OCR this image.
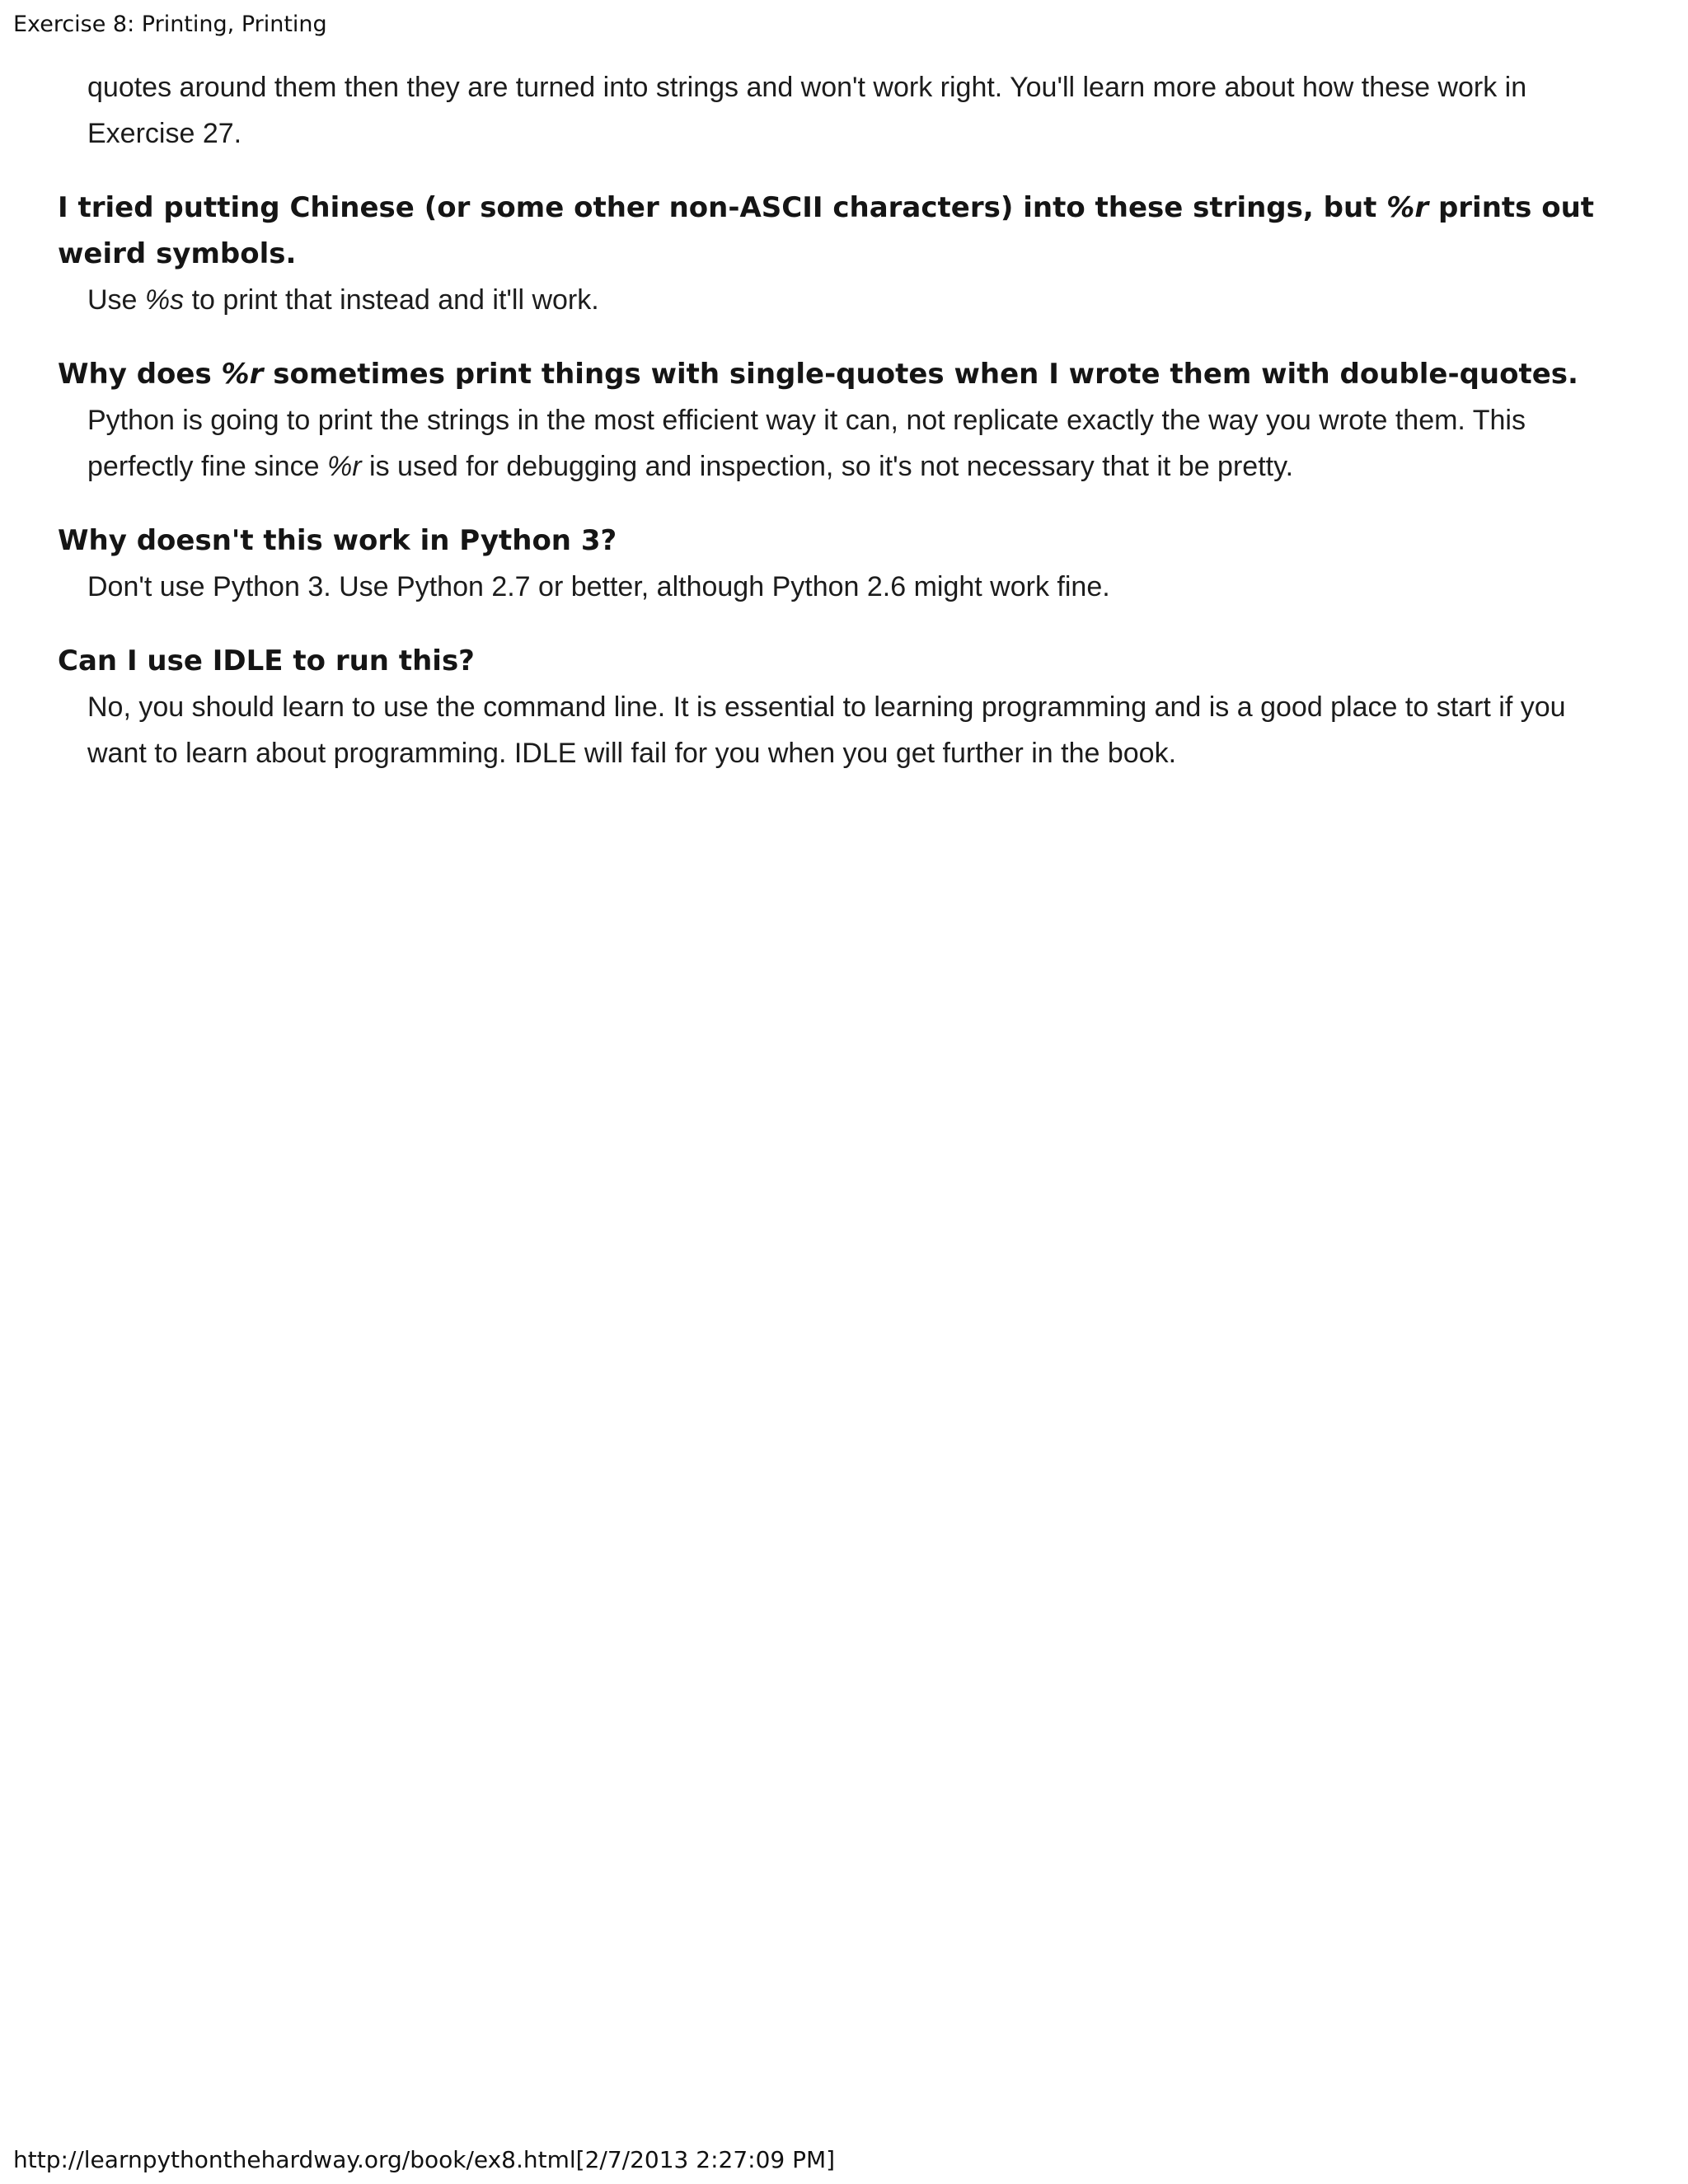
Exercise 8: Printing, Printing

quotes around them then they are turned into strings and won't work right. You'll learn more about how these work in Exercise 27.

I tried putting Chinese (or some other non-ASCII characters) into these strings, but %r prints out weird symbols.

Use %s to print that instead and it'll work.

Why does %r sometimes print things with single-quotes when I wrote them with double-quotes.

Python is going to print the strings in the most efficient way it can, not replicate exactly the way you wrote them. This perfectly fine since %r is used for debugging and inspection, so it's not necessary that it be pretty.

Why doesn't this work in Python 3?

Don't use Python 3. Use Python 2.7 or better, although Python 2.6 might work fine.

Can I use IDLE to run this?

No, you should learn to use the command line. It is essential to learning programming and is a good place to start if you want to learn about programming. IDLE will fail for you when you get further in the book.

http://learnpythonthehardway.org/book/ex8.html[2/7/2013 2:27:09 PM]
